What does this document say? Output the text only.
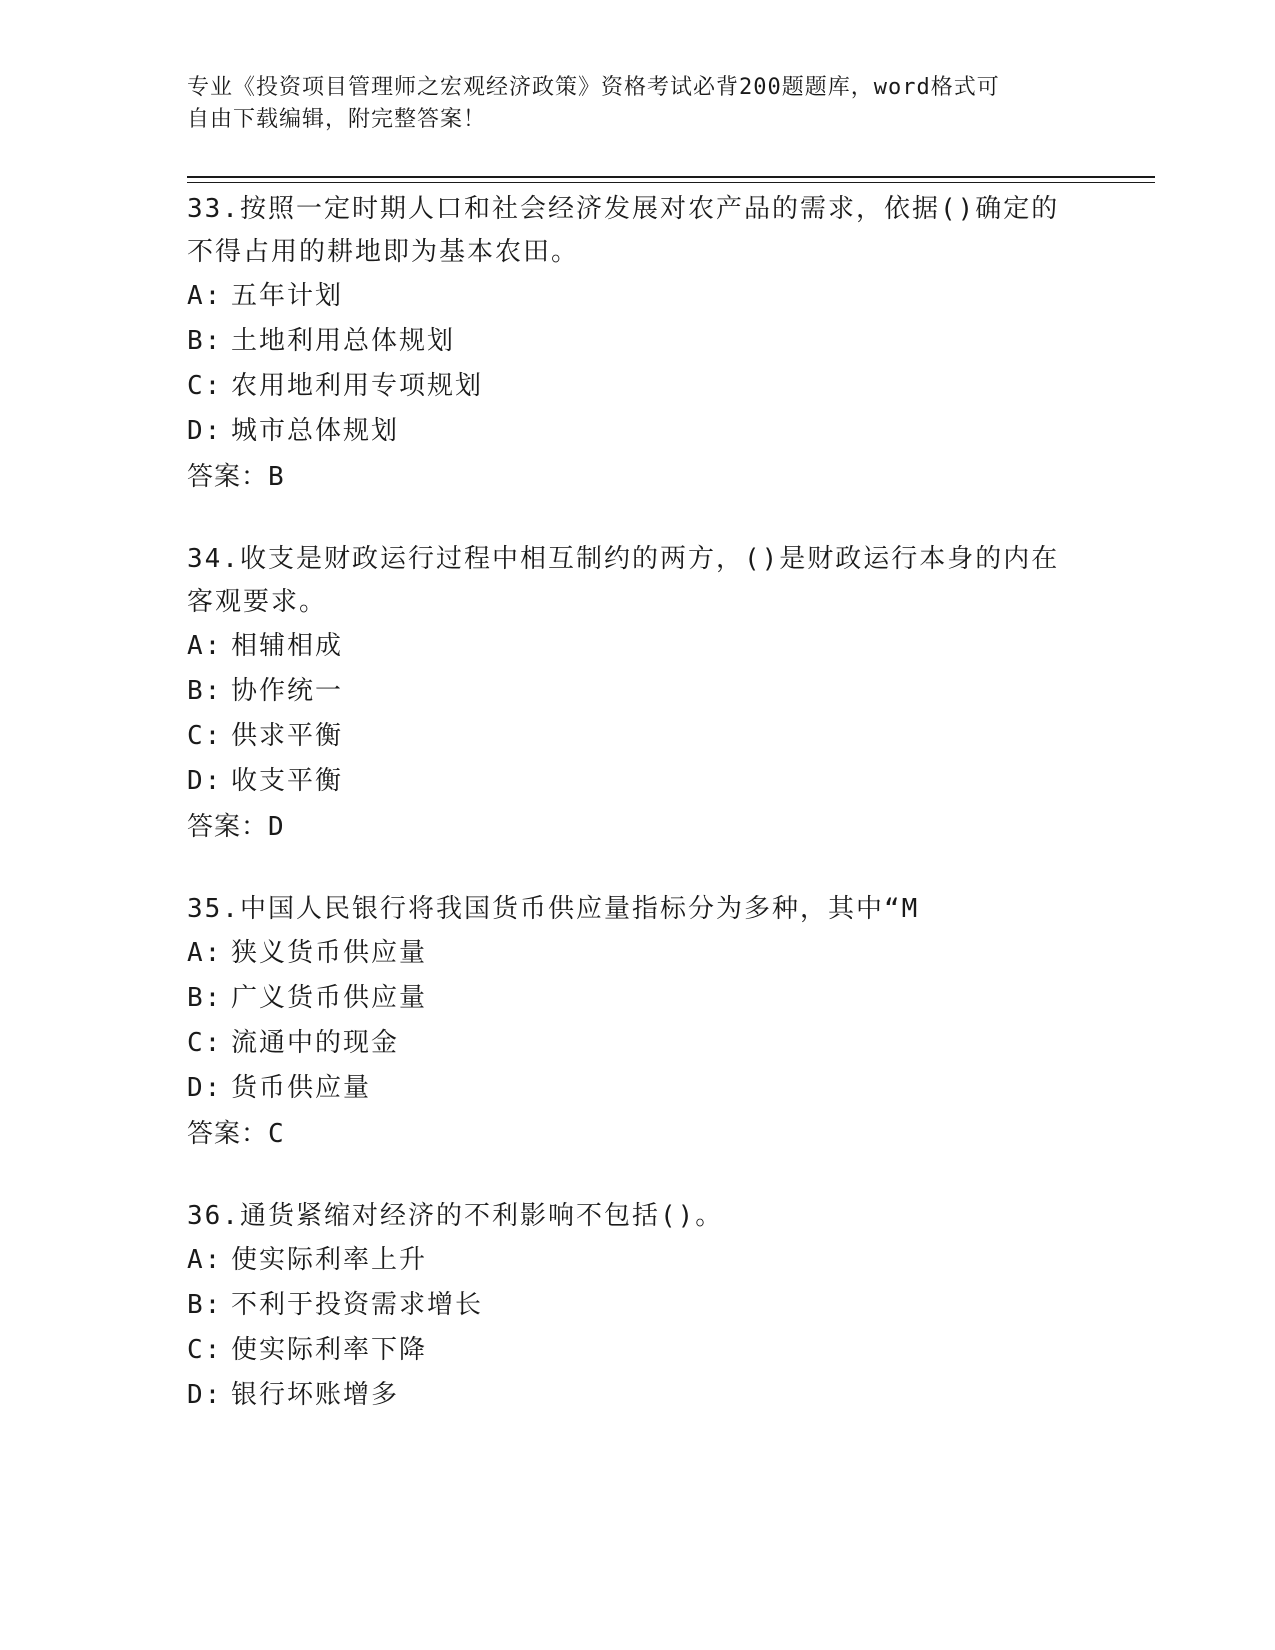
专业《投资项目管理师之宏观经济政策》资格考试必背200题题库，word格式可
自由下载编辑，附完整答案！

33.按照一定时期人口和社会经济发展对农产品的需求，依据()确定的

不得占用的耕地即为基本农田。

A: 五年计划

B: 土地利用总体规划

C: 农用地利用专项规划

D: 城市总体规划

答案：B

34.收支是财政运行过程中相互制约的两方，()是财政运行本身的内在

客观要求。

A: 相辅相成

B: 协作统一

C: 供求平衡

D: 收支平衡

答案：D

35.中国人民银行将我国货币供应量指标分为多种，其中“M

A: 狭义货币供应量

B: 广义货币供应量

C: 流通中的现金

D: 货币供应量

答案：C

36.通货紧缩对经济的不利影响不包括()。

A: 使实际利率上升

B: 不利于投资需求增长

C: 使实际利率下降

D: 银行坏账增多
